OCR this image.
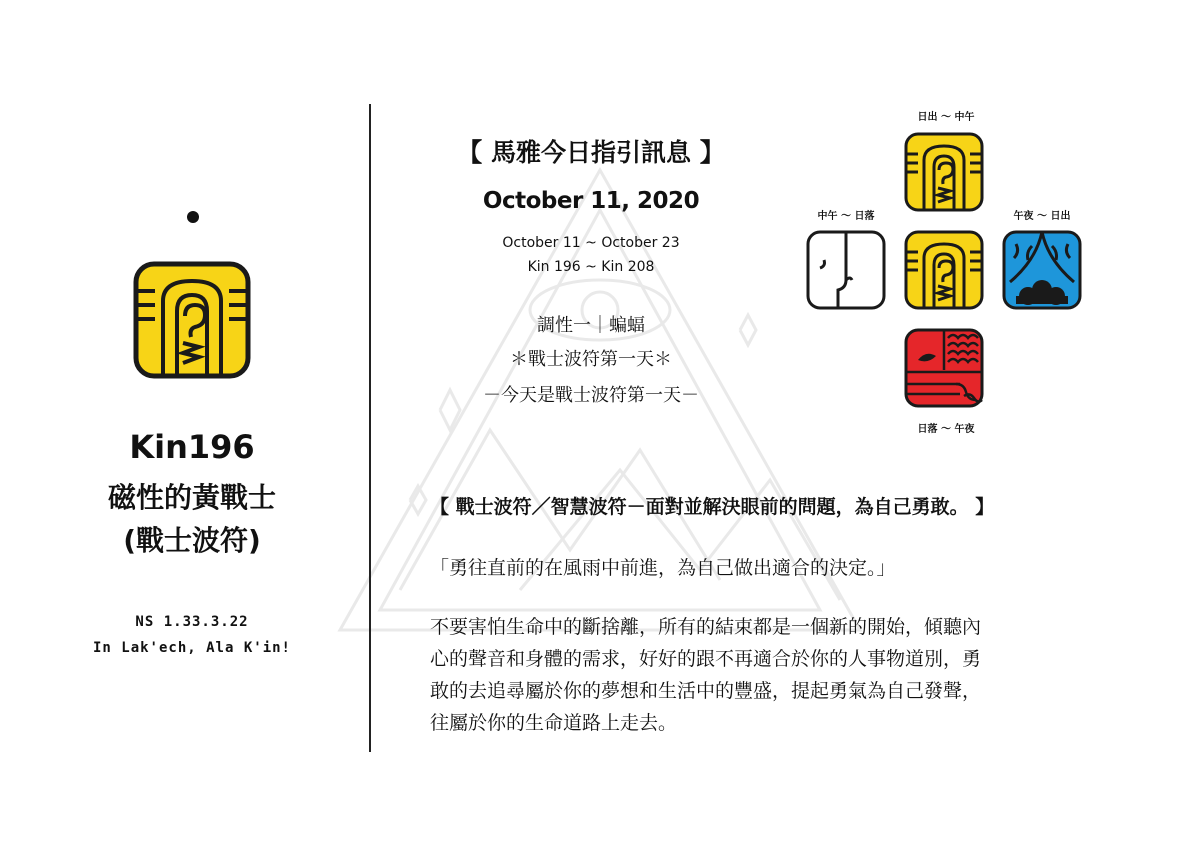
Kin196
磁性的黃戰士
(戰士波符)
NS 1.33.3.22
In Lak'ech, Ala K'in!
【 馬雅今日指引訊息 】
October 11, 2020
October 11 ~ October 23
Kin 196 ~ Kin 208
調性一｜蝙蝠
＊戰士波符第一天＊
－今天是戰士波符第一天－
日出 ～ 中午
中午 ～ 日落	午夜 ～ 日出
日落 ～ 午夜
【 戰士波符／智慧波符－面對並解決眼前的問題，為自己勇敢。 】
「勇往直前的在風雨中前進，為自己做出適合的決定。」

不要害怕生命中的斷捨離，所有的結束都是一個新的開始，傾聽內

心的聲音和身體的需求，好好的跟不再適合於你的人事物道別，勇

敢的去追尋屬於你的夢想和生活中的豐盛，提起勇氣為自己發聲，

往屬於你的生命道路上走去。
